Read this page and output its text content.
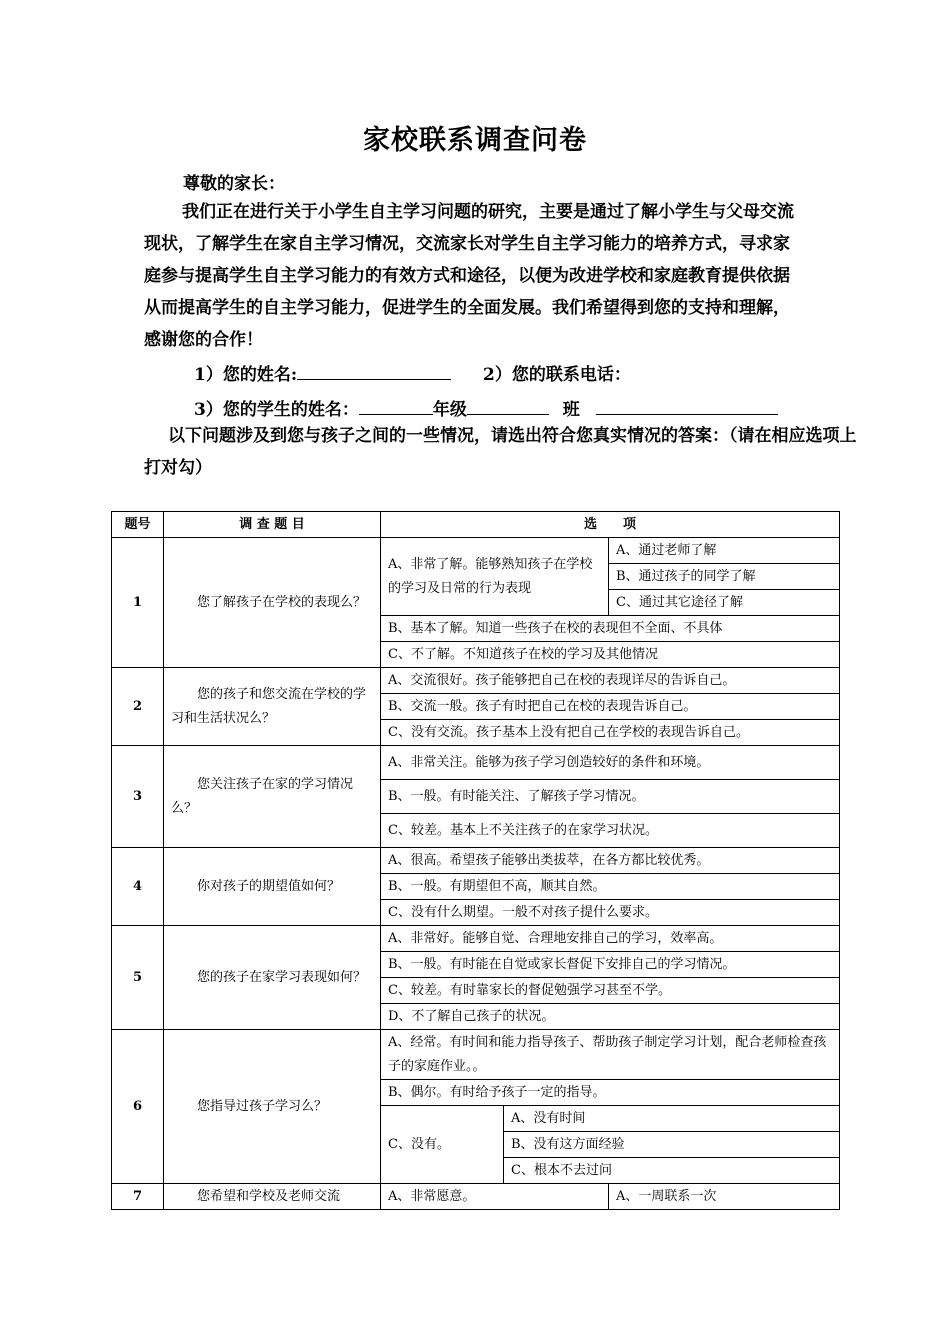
家校联系调查问卷
尊敬的家长：
我们正在进行关于小学生自主学习问题的研究，主要是通过了解小学生与父母交流
现状，了解学生在家自主学习情况，交流家长对学生自主学习能力的培养方式，寻求家
庭参与提高学生自主学习能力的有效方式和途径，以便为改进学校和家庭教育提供依据
从而提高学生的自主学习能力，促进学生的全面发展。我们希望得到您的支持和理解，
感谢您的合作！
1）您的姓名:	2）您的联系电话：
3）您的学生的姓名：	年级	班
以下问题涉及到您与孩子之间的一些情况，请选出符合您真实情况的答案：（请在相应选项上打对勾）
题号	调 查 题 目	选　　项		
1	您了解孩子在学校的表现么？	A、非常了解。能够熟知孩子在学校的学习及日常的行为表现		A、通过老师了解
				B、通过孩子的同学了解
				C、通过其它途径了解
		B、基本了解。知道一些孩子在校的表现但不全面、不具体		
		C、不了解。不知道孩子在校的学习及其他情况		
2	您的孩子和您交流在学校的学习和生活状况么？	A、交流很好。孩子能够把自己在校的表现详尽的告诉自己。		
		B、交流一般。孩子有时把自己在校的表现告诉自己。		
		C、没有交流。孩子基本上没有把自己在学校的表现告诉自己。		
3	您关注孩子在家的学习情况么？	A、非常关注。能够为孩子学习创造较好的条件和环境。		
		B、一般。有时能关注、了解孩子学习情况。		
		C、较差。基本上不关注孩子的在家学习状况。		
4	你对孩子的期望值如何？	A、很高。希望孩子能够出类拔萃，在各方都比较优秀。		
		B、一般。有期望但不高，顺其自然。		
		C、没有什么期望。一般不对孩子提什么要求。		
5	您的孩子在家学习表现如何？	A、非常好。能够自觉、合理地安排自己的学习，效率高。		
		B、一般。有时能在自觉或家长督促下安排自己的学习情况。		
		C、较差。有时靠家长的督促勉强学习甚至不学。		
		D、不了解自己孩子的状况。		
6	您指导过孩子学习么？	A、经常。有时间和能力指导孩子、帮助孩子制定学习计划，配合老师检查孩子的家庭作业。。		
		B、偶尔。有时给予孩子一定的指导。		
		C、没有。	A、没有时间	
			B、没有这方面经验	
			C、根本不去过问	
7	您希望和学校及老师交流	A、非常愿意。		A、一周联系一次
